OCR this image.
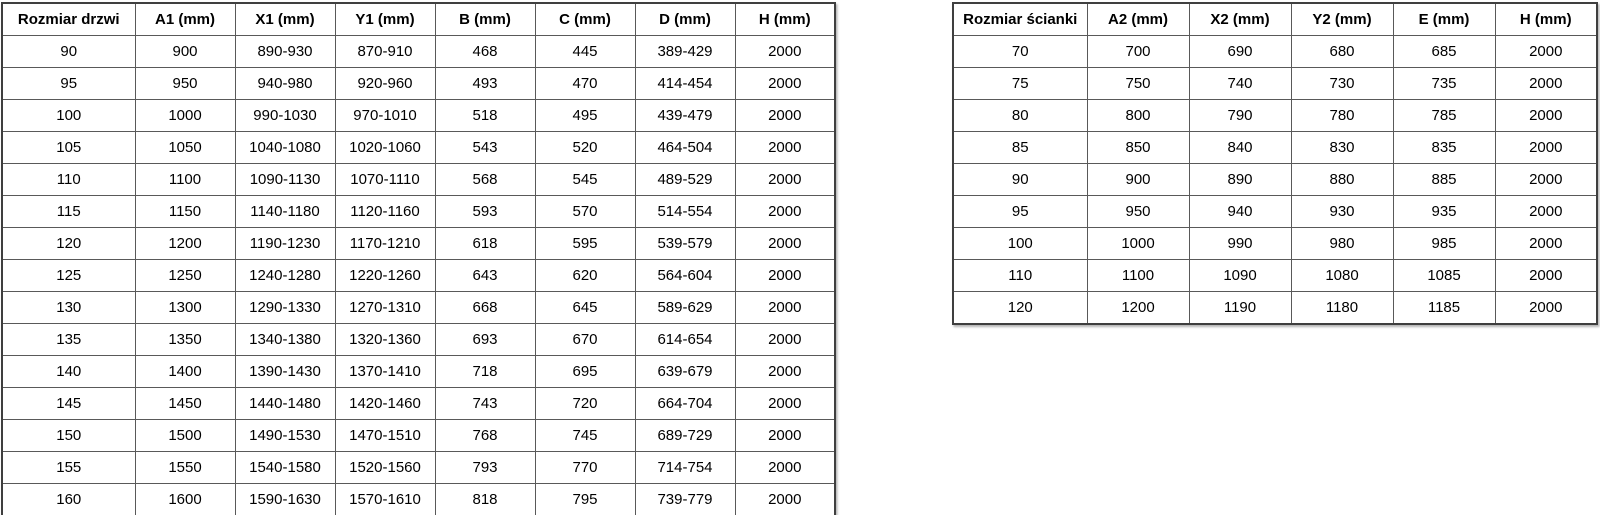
Rozmiar drzwi	A1 (mm)	X1 (mm)	Y1 (mm)	B (mm)	C (mm)	D (mm)	H (mm)
90	900	890-930	870-910	468	445	389-429	2000
95	950	940-980	920-960	493	470	414-454	2000
100	1000	990-1030	970-1010	518	495	439-479	2000
105	1050	1040-1080	1020-1060	543	520	464-504	2000
110	1100	1090-1130	1070-1110	568	545	489-529	2000
115	1150	1140-1180	1120-1160	593	570	514-554	2000
120	1200	1190-1230	1170-1210	618	595	539-579	2000
125	1250	1240-1280	1220-1260	643	620	564-604	2000
130	1300	1290-1330	1270-1310	668	645	589-629	2000
135	1350	1340-1380	1320-1360	693	670	614-654	2000
140	1400	1390-1430	1370-1410	718	695	639-679	2000
145	1450	1440-1480	1420-1460	743	720	664-704	2000
150	1500	1490-1530	1470-1510	768	745	689-729	2000
155	1550	1540-1580	1520-1560	793	770	714-754	2000
160	1600	1590-1630	1570-1610	818	795	739-779	2000
Rozmiar ścianki	A2 (mm)	X2 (mm)	Y2 (mm)	E (mm)	H (mm)
70	700	690	680	685	2000
75	750	740	730	735	2000
80	800	790	780	785	2000
85	850	840	830	835	2000
90	900	890	880	885	2000
95	950	940	930	935	2000
100	1000	990	980	985	2000
110	1100	1090	1080	1085	2000
120	1200	1190	1180	1185	2000
